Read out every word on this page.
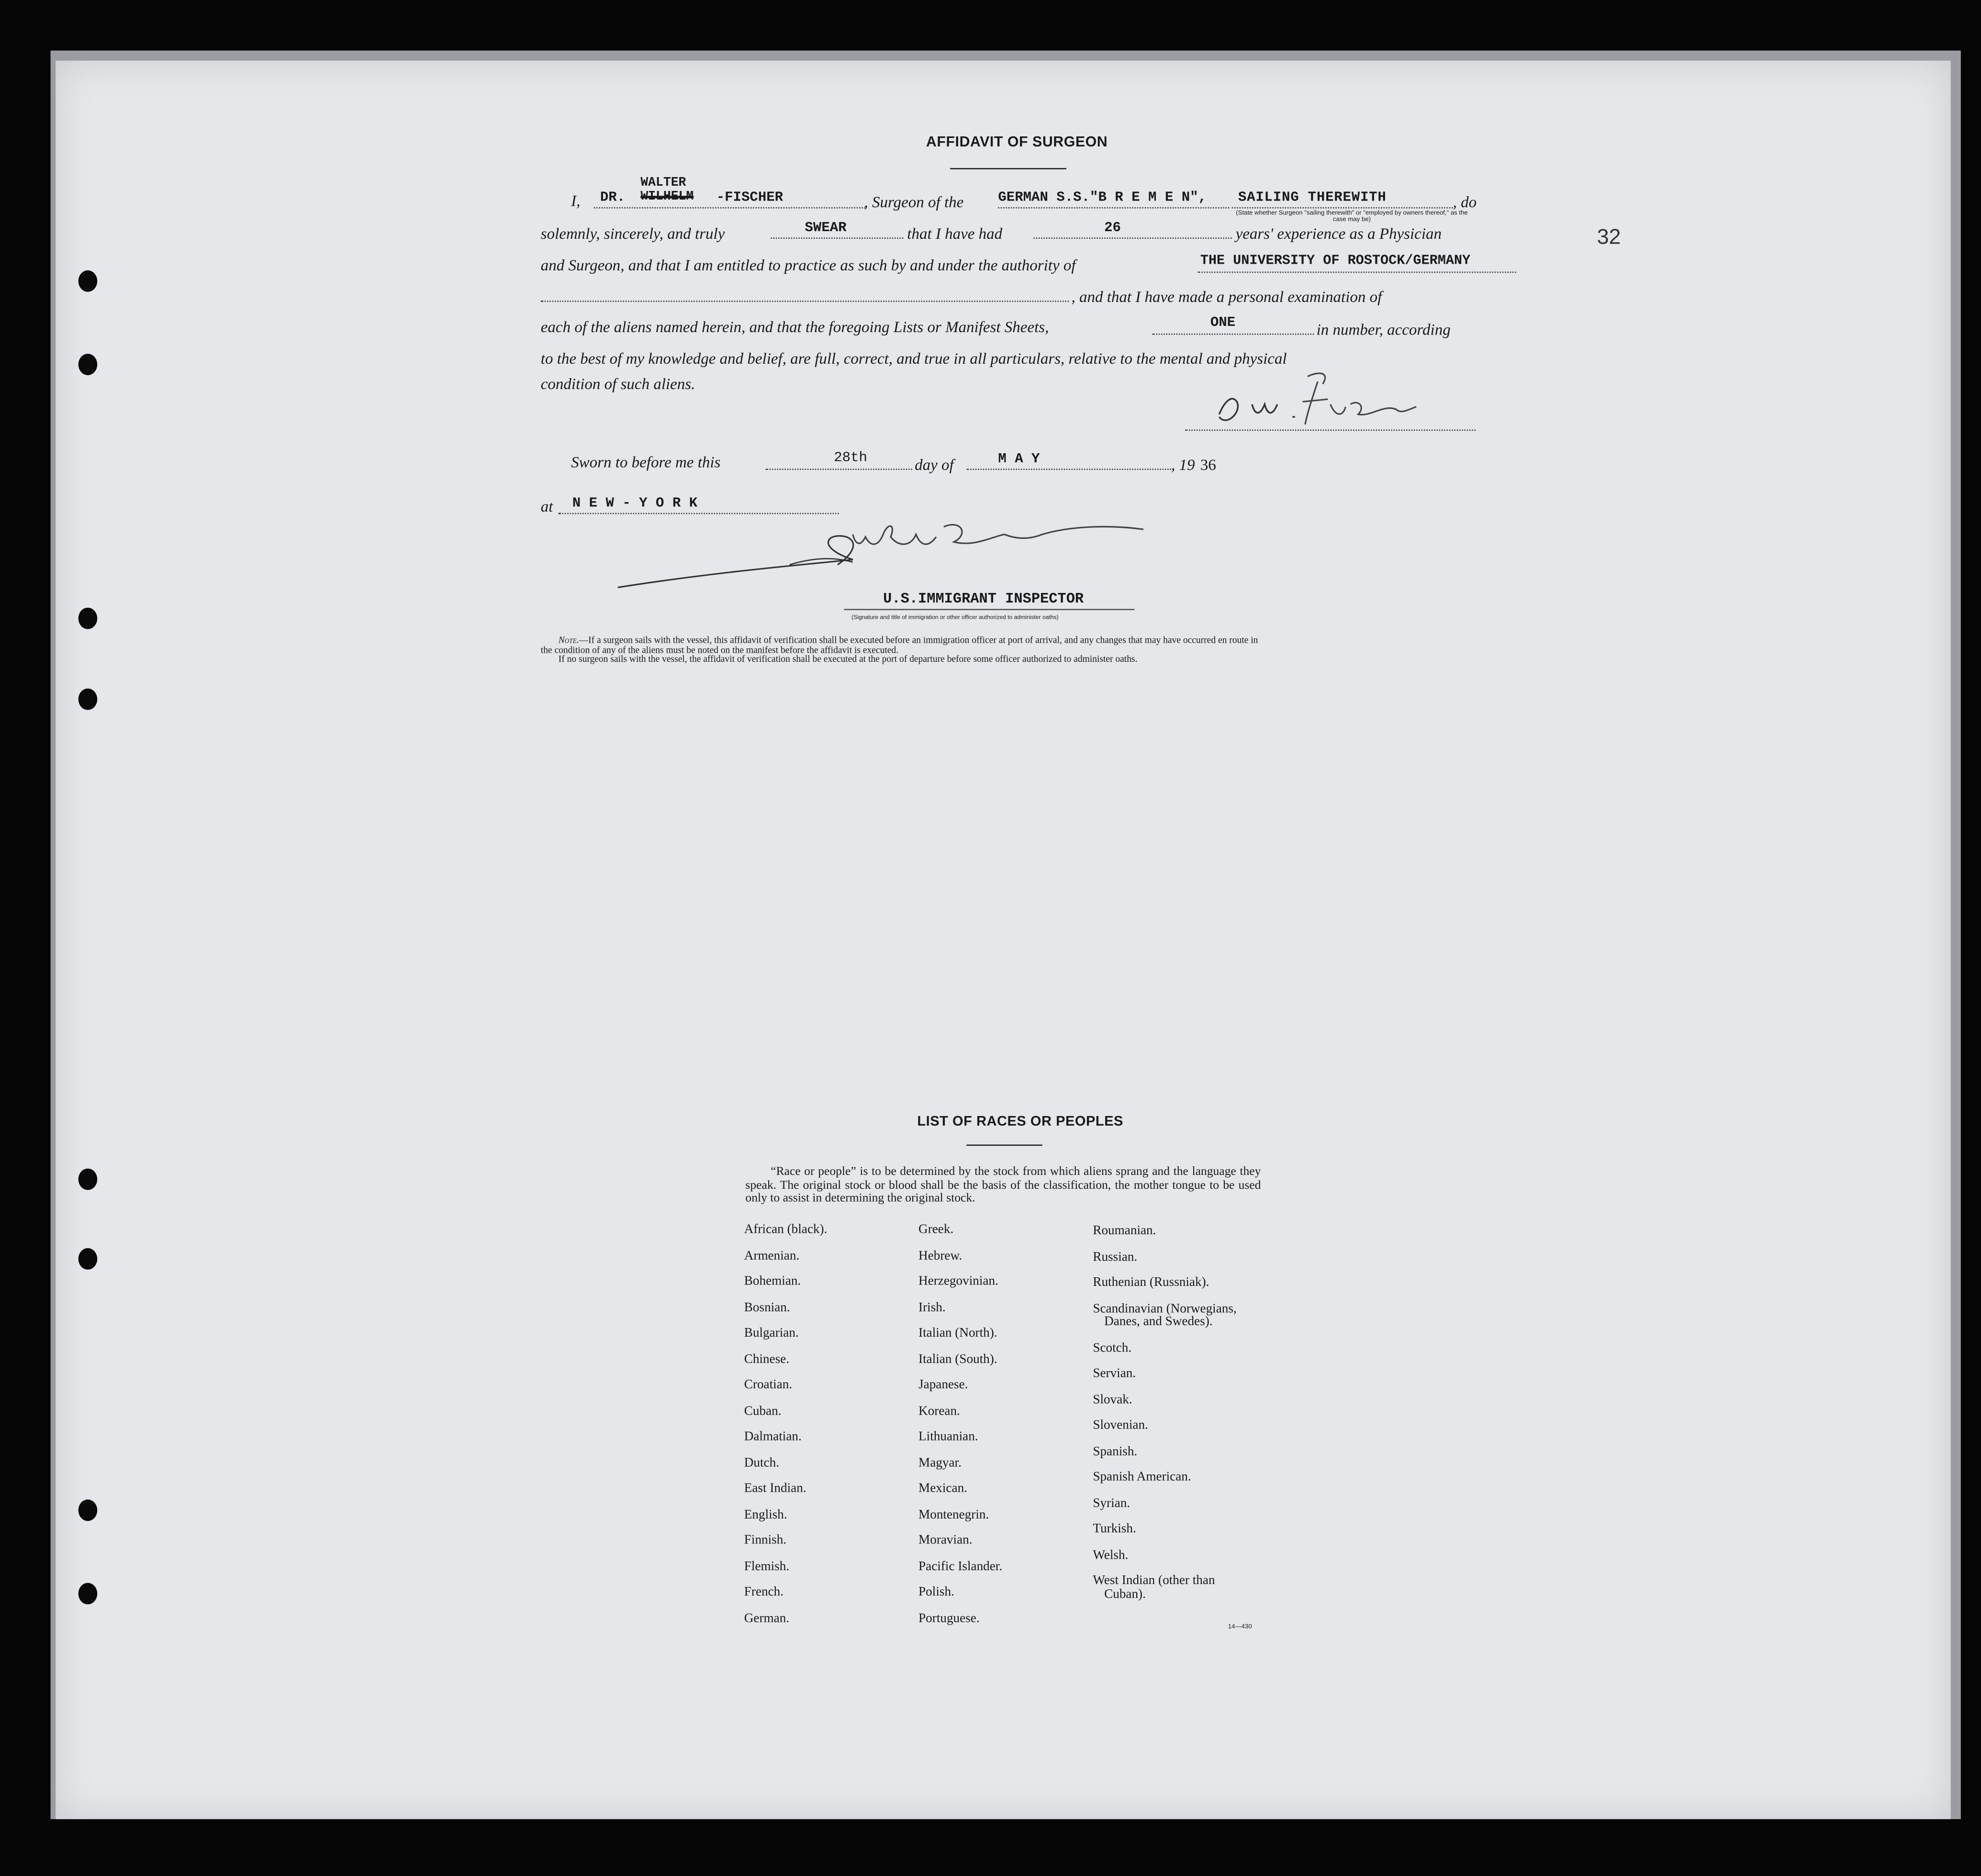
32
AFFIDAVIT OF SURGEON
I,	DR.
WALTER
WILHELM	-FISCHER	, Surgeon of the	GERMAN S.S."B R E M E N",	SAILING THEREWITH	, do
(State whether Surgeon "sailing therewith" or "employed by owners thereof," as the case may be)
solemnly, sincerely, and truly	SWEAR	that I have had	26	years' experience as a Physician
and Surgeon, and that I am entitled to practice as such by and under the authority of	THE UNIVERSITY OF ROSTOCK/GERMANY
, and that I have made a personal examination of
each of the aliens named herein, and that the foregoing Lists or Manifest Sheets,	ONE	in number, according
to the best of my knowledge and belief, are full, correct, and true in all particulars, relative to the mental and physical
condition of such aliens.
Sworn to before me this	28th	day of	M A Y	, 19 36
at	N E W - Y O R K
U.S.IMMIGRANT INSPECTOR
(Signature and title of immigration or other officer authorized to administer oaths)
Note.—If a surgeon sails with the vessel, this affidavit of verification shall be executed before an immigration officer at port of arrival, and any changes that may have occurred en route in
the condition of any of the aliens must be noted on the manifest before the affidavit is executed.
If no surgeon sails with the vessel, the affidavit of verification shall be executed at the port of departure before some officer authorized to administer oaths.
LIST OF RACES OR PEOPLES
“Race or people” is to be determined by the stock from which aliens sprang and the language they speak. The original stock or blood shall be the basis of the classification, the mother tongue to be used only to assist in determining the original stock.
14—430
African (black).
Armenian.
Bohemian.
Bosnian.
Bulgarian.
Chinese.
Croatian.
Cuban.
Dalmatian.
Dutch.
East Indian.
English.
Finnish.
Flemish.
French.
German.
Greek.
Hebrew.
Herzegovinian.
Irish.
Italian (North).
Italian (South).
Japanese.
Korean.
Lithuanian.
Magyar.
Mexican.
Montenegrin.
Moravian.
Pacific Islander.
Polish.
Portuguese.
Roumanian.
Russian.
Ruthenian (Russniak).
Scandinavian (Norwegians,
Danes, and Swedes).
Scotch.
Servian.
Slovak.
Slovenian.
Spanish.
Spanish American.
Syrian.
Turkish.
Welsh.
West Indian (other than
Cuban).
